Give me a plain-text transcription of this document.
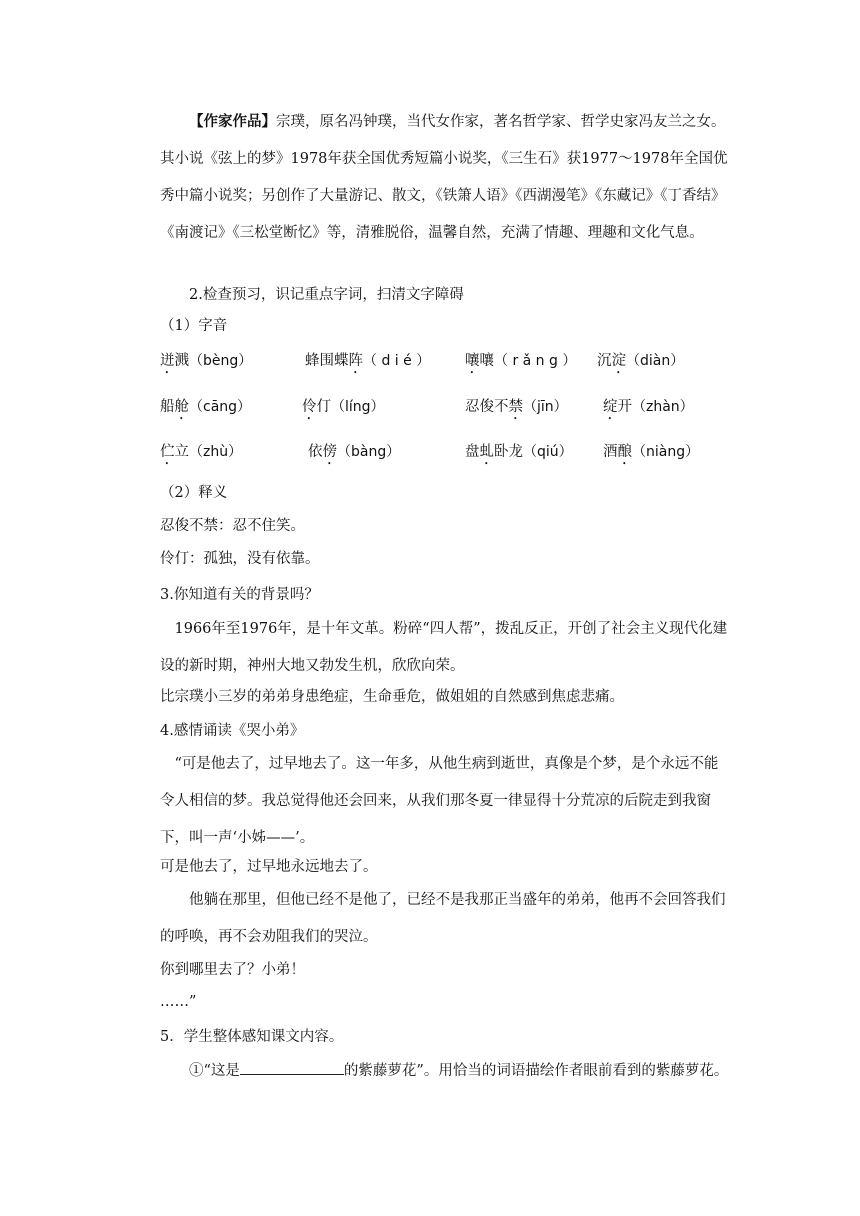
【作家作品】宗璞，原名冯钟璞，当代女作家，著名哲学家、哲学史家冯友兰之女。其小说《弦上的梦》1978年获全国优秀短篇小说奖，《三生石》获1977～1978年全国优秀中篇小说奖；另创作了大量游记、散文，《铁箫人语》《西湖漫笔》《东藏记》《丁香结》《南渡记》《三松堂断忆》等，清雅脱俗，温馨自然，充满了情趣、理趣和文化气息。

2.检查预习，识记重点字词，扫清文字障碍

（1）字音
迸溅（bèng）	蜂围蝶阵（ d i é ） 嚷嚷（ r ǎ n g ） 沉淀（diàn）
船舱（cāng）	伶仃（líng）	忍俊不禁（jīn） 绽开（zhàn）
伫立（zhù）	依傍（bàng）	盘虬卧龙（qiú） 酒酿（niàng）
（2）释义
忍俊不禁：忍不住笑。
伶仃：孤独，没有依靠。
3.你知道有关的背景吗？

1966年至1976年，是十年文革。粉碎“四人帮”，拨乱反正，开创了社会主义现代化建设的新时期，神州大地又勃发生机，欣欣向荣。

比宗璞小三岁的弟弟身患绝症，生命垂危，做姐姐的自然感到焦虑悲痛。
4.感情诵读《哭小弟》

“可是他去了，过早地去了。这一年多，从他生病到逝世，真像是个梦，是个永远不能令人相信的梦。我总觉得他还会回来，从我们那冬夏一律显得十分荒凉的后院走到我窗下，叫一声‘小姊——’。

可是他去了，过早地永远地去了。

他躺在那里，但他已经不是他了，已经不是我那正当盛年的弟弟，他再不会回答我们的呼唤，再不会劝阻我们的哭泣。

你到哪里去了？小弟！
……”
5．学生整体感知课文内容。

①“这是	的紫藤萝花”。用恰当的词语描绘作者眼前看到的紫藤萝花。
